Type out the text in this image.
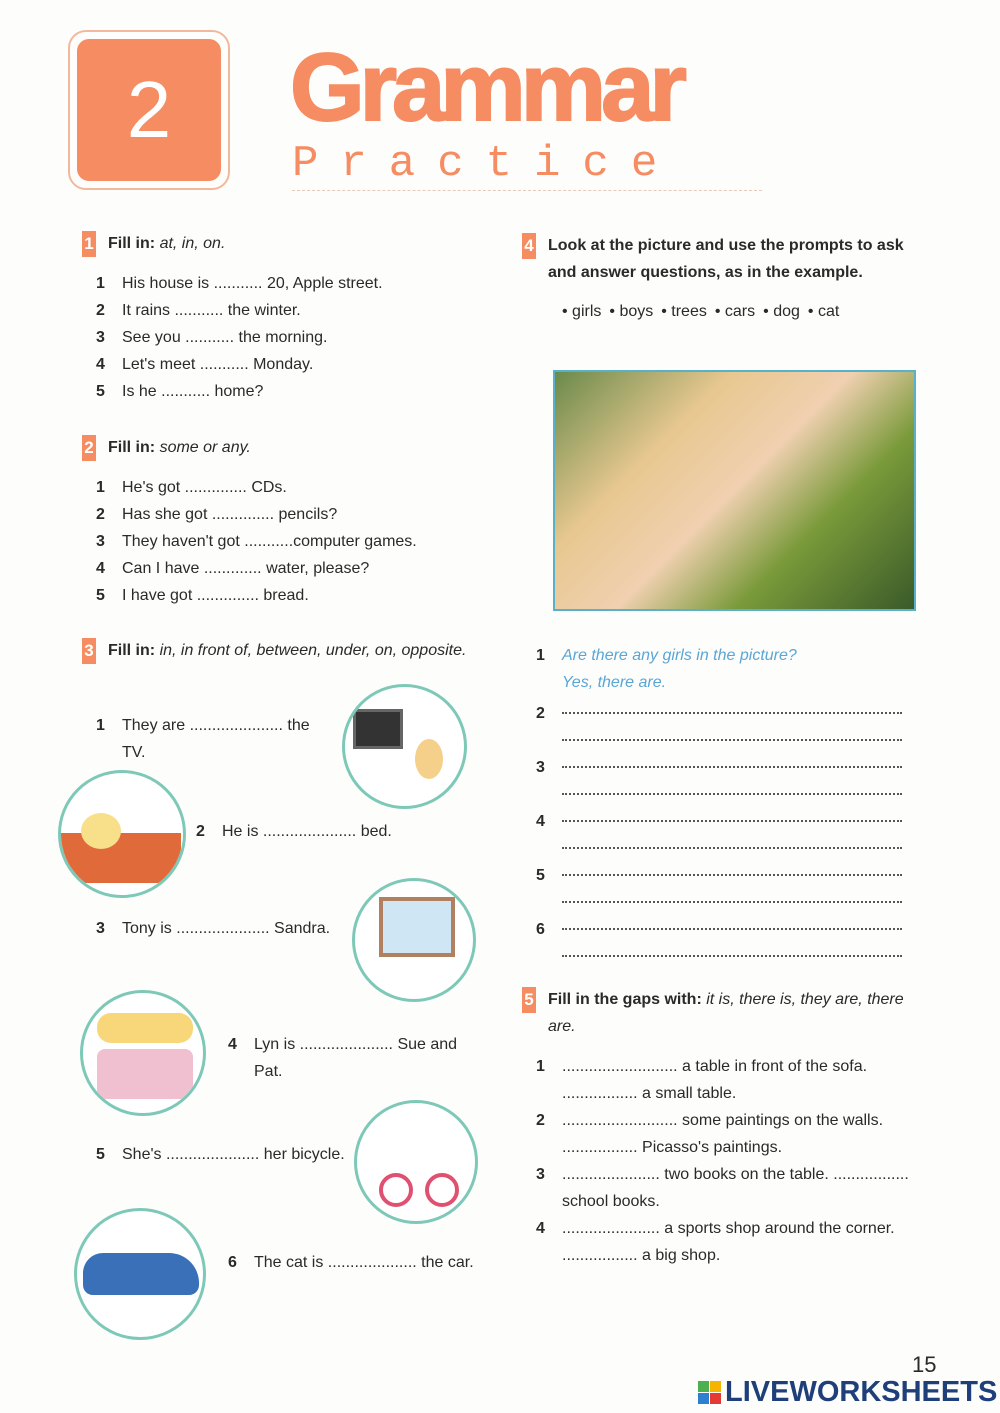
2	Grammar
Practice
1 Fill in: at, in, on.
1	His house is ........... 20, Apple street.
2	It rains ........... the winter.
3	See you ........... the morning.
4	Let's meet ........... Monday.
5	Is he ........... home?
2 Fill in: some or any.
1	He's got .............. CDs.
2	Has she got .............. pencils?
3	They haven't got ...........computer games.
4	Can I have ............. water, please?
5	I have got .............. bread.
3 Fill in: in, in front of, between, under, on, opposite.
1	They are ..................... the TV.
2	He is ..................... bed.
3	Tony is ..................... Sandra.
4	Lyn is ..................... Sue and Pat.
5	She's ..................... her bicycle.
6	The cat is .................... the car.
4 Look at the picture and use the prompts to ask and answer questions, as in the example.
• girls • boys • trees • cars • dog • cat
1	Are there any girls in the picture?
Yes, there are.
2
3
4
5
6
5 Fill in the gaps with: it is, there is, they are, there are.
1	.......................... a table in front of the sofa. ................. a small table.
2	.......................... some paintings on the walls. ................. Picasso's paintings.
3	...................... two books on the table. ................. school books.
4	...................... a sports shop around the corner. ................. a big shop.
15
LIVEWORKSHEETS
